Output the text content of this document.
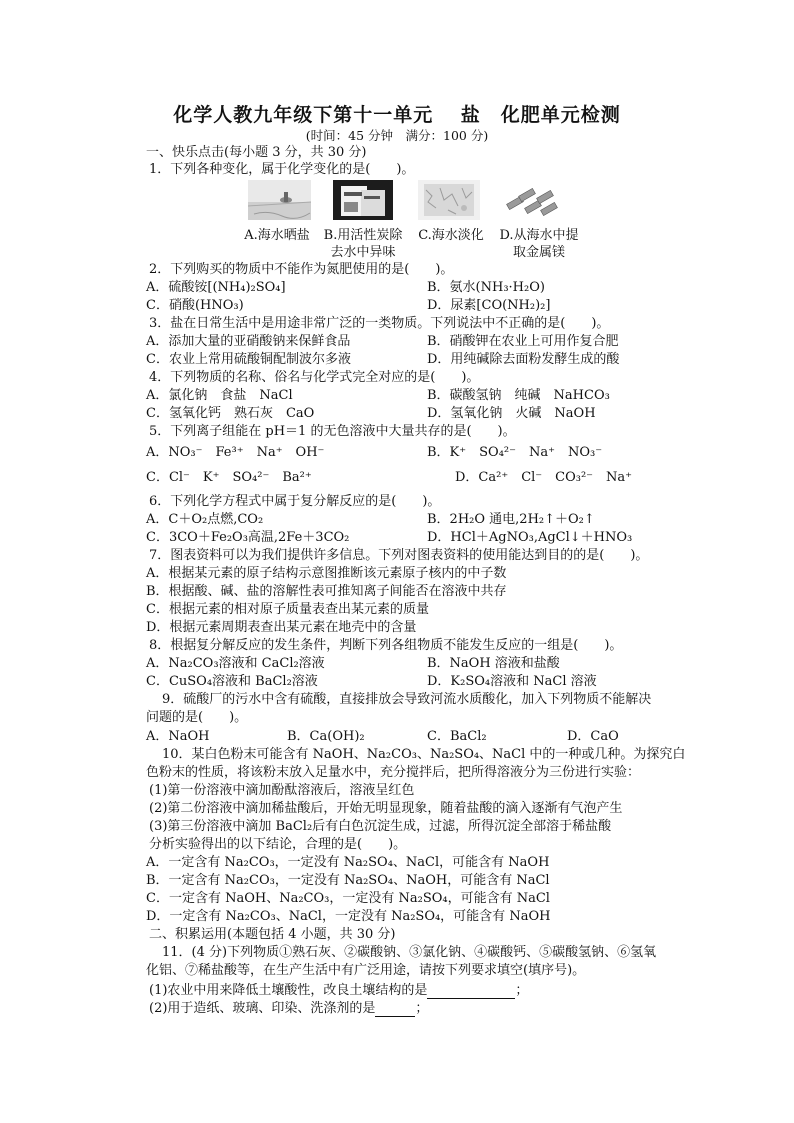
化学人教九年级下第十一单元　 盐　化肥单元检测
(时间：45 分钟　满分：100 分)
一、快乐点击(每小题 3 分，共 30 分)
1．下列各种变化，属于化学变化的是(　　)。
A.海水晒盐	B.用活性炭除
去水中异味
C.海水淡化	D.从海水中提
取金属镁
2．下列购买的物质中不能作为氮肥使用的是(　　)。
A．硫酸铵[(NH₄)₂SO₄]	B．氨水(NH₃·H₂O)
C．硝酸(HNO₃)	D．尿素[CO(NH₂)₂]
3．盐在日常生活中是用途非常广泛的一类物质。下列说法中不正确的是(　　)。
A．添加大量的亚硝酸钠来保鲜食品	B．硝酸钾在农业上可用作复合肥
C．农业上常用硫酸铜配制波尔多液	D．用纯碱除去面粉发酵生成的酸
4．下列物质的名称、俗名与化学式完全对应的是(　　)。
A．氯化钠　食盐　NaCl	B．碳酸氢钠　纯碱　NaHCO₃
C．氢氧化钙　熟石灰　CaO	D．氢氧化钠　火碱　NaOH
5．下列离子组能在 pH＝1 的无色溶液中大量共存的是(　　)。
A．NO₃⁻　Fe³⁺　Na⁺　OH⁻	B．K⁺　SO₄²⁻　Na⁺　NO₃⁻
C．Cl⁻　K⁺　SO₄²⁻　Ba²⁺	D．Ca²⁺　Cl⁻　CO₃²⁻　Na⁺
6．下列化学方程式中属于复分解反应的是(　　)。
A．C＋O₂点燃,CO₂	B．2H₂O 通电,2H₂↑＋O₂↑
C．3CO＋Fe₂O₃高温,2Fe＋3CO₂	D．HCl＋AgNO₃,AgCl↓＋HNO₃
7．图表资料可以为我们提供许多信息。下列对图表资料的使用能达到目的的是(　　)。
A．根据某元素的原子结构示意图推断该元素原子核内的中子数
B．根据酸、碱、盐的溶解性表可推知离子间能否在溶液中共存
C．根据元素的相对原子质量表查出某元素的质量
D．根据元素周期表查出某元素在地壳中的含量
8．根据复分解反应的发生条件，判断下列各组物质不能发生反应的一组是(　　)。
A．Na₂CO₃溶液和 CaCl₂溶液	B．NaOH 溶液和盐酸
C．CuSO₄溶液和 BaCl₂溶液	D．K₂SO₄溶液和 NaCl 溶液
9．硫酸厂的污水中含有硫酸，直接排放会导致河流水质酸化，加入下列物质不能解决
问题的是(　　)。
A．NaOH	B．Ca(OH)₂	C．BaCl₂	D．CaO
10．某白色粉末可能含有 NaOH、Na₂CO₃、Na₂SO₄、NaCl 中的一种或几种。为探究白
色粉末的性质，将该粉末放入足量水中，充分搅拌后，把所得溶液分为三份进行实验：
(1)第一份溶液中滴加酚酞溶液后，溶液呈红色
(2)第二份溶液中滴加稀盐酸后，开始无明显现象，随着盐酸的滴入逐渐有气泡产生
(3)第三份溶液中滴加 BaCl₂后有白色沉淀生成，过滤，所得沉淀全部溶于稀盐酸
分析实验得出的以下结论，合理的是(　　)。
A．一定含有 Na₂CO₃，一定没有 Na₂SO₄、NaCl，可能含有 NaOH
B．一定含有 Na₂CO₃，一定没有 Na₂SO₄、NaOH，可能含有 NaCl
C．一定含有 NaOH、Na₂CO₃，一定没有 Na₂SO₄，可能含有 NaCl
D．一定含有 Na₂CO₃、NaCl，一定没有 Na₂SO₄，可能含有 NaOH
二、积累运用(本题包括 4 小题，共 30 分)
11．(4 分)下列物质①熟石灰、②碳酸钠、③氯化钠、④碳酸钙、⑤碳酸氢钠、⑥氢氧
化铝、⑦稀盐酸等，在生产生活中有广泛用途，请按下列要求填空(填序号)。
(1)农业中用来降低土壤酸性，改良土壤结构的是	；
(2)用于造纸、玻璃、印染、洗涤剂的是	；
